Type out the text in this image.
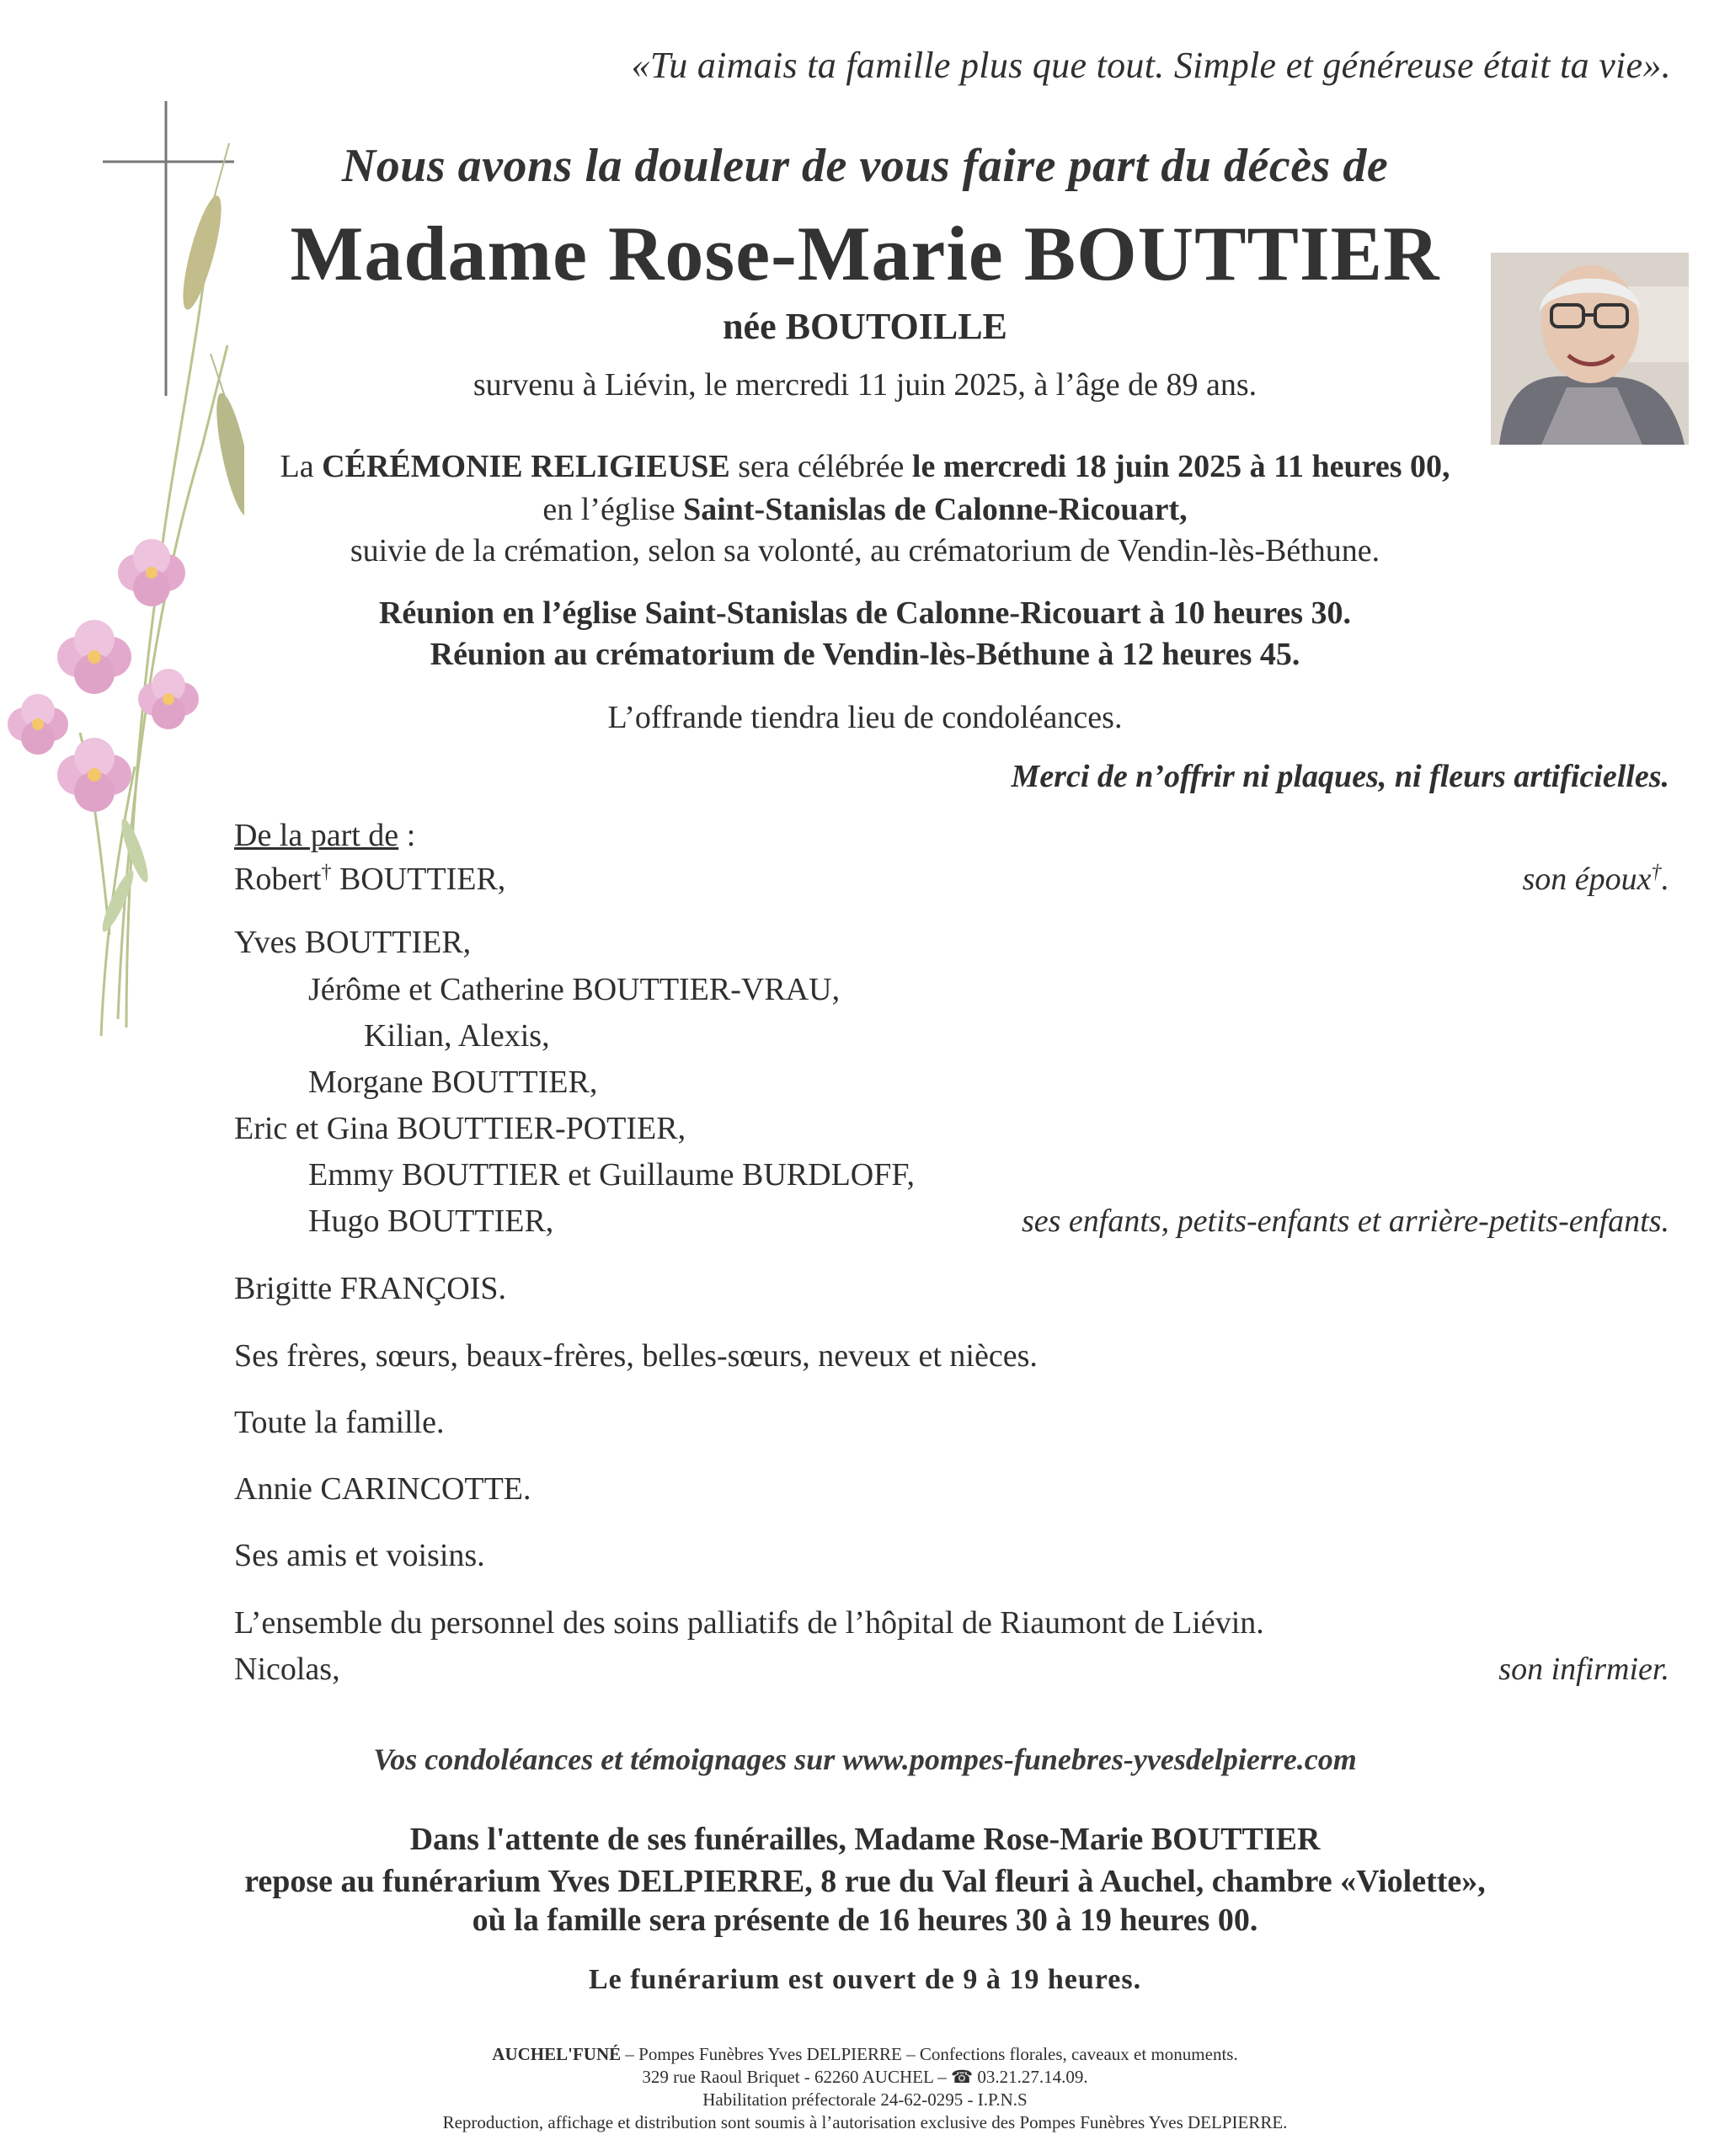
«Tu aimais ta famille plus que tout. Simple et généreuse était ta vie».
Nous avons la douleur de vous faire part du décès de
Madame Rose-Marie BOUTTIER
née BOUTOILLE
survenu à Liévin, le mercredi 11 juin 2025, à l’âge de 89 ans.
La CÉRÉMONIE RELIGIEUSE sera célébrée le mercredi 18 juin 2025 à 11 heures 00,
en l’église Saint-Stanislas de Calonne-Ricouart,
suivie de la crémation, selon sa volonté, au crématorium de Vendin-lès-Béthune.
Réunion en l’église Saint-Stanislas de Calonne-Ricouart à 10 heures 30.
Réunion au crématorium de Vendin-lès-Béthune à 12 heures 45.
L’offrande tiendra lieu de condoléances.
Merci de n’offrir ni plaques, ni fleurs artificielles.
De la part de :
Robert† BOUTTIER,	son époux†.
Yves BOUTTIER,
Jérôme et Catherine BOUTTIER-VRAU,
Kilian, Alexis,
Morgane BOUTTIER,
Eric et Gina BOUTTIER-POTIER,
Emmy BOUTTIER et Guillaume BURDLOFF,
Hugo BOUTTIER,	ses enfants, petits-enfants et arrière-petits-enfants.
Brigitte FRANÇOIS.
Ses frères, sœurs, beaux-frères, belles-sœurs, neveux et nièces.
Toute la famille.
Annie CARINCOTTE.
Ses amis et voisins.
L’ensemble du personnel des soins palliatifs de l’hôpital de Riaumont de Liévin.
Nicolas,	son infirmier.
Vos condoléances et témoignages sur www.pompes-funebres-yvesdelpierre.com
Dans l'attente de ses funérailles, Madame Rose-Marie BOUTTIER
repose au funérarium Yves DELPIERRE, 8 rue du Val fleuri à Auchel, chambre «Violette»,
où la famille sera présente de 16 heures 30 à 19 heures 00.
Le funérarium est ouvert de 9 à 19 heures.
AUCHEL'FUNÉ – Pompes Funèbres Yves DELPIERRE – Confections florales, caveaux et monuments.
329 rue Raoul Briquet - 62260 AUCHEL – ☎ 03.21.27.14.09.
Habilitation préfectorale 24-62-0295 - I.P.N.S
Reproduction, affichage et distribution sont soumis à l’autorisation exclusive des Pompes Funèbres Yves DELPIERRE.
